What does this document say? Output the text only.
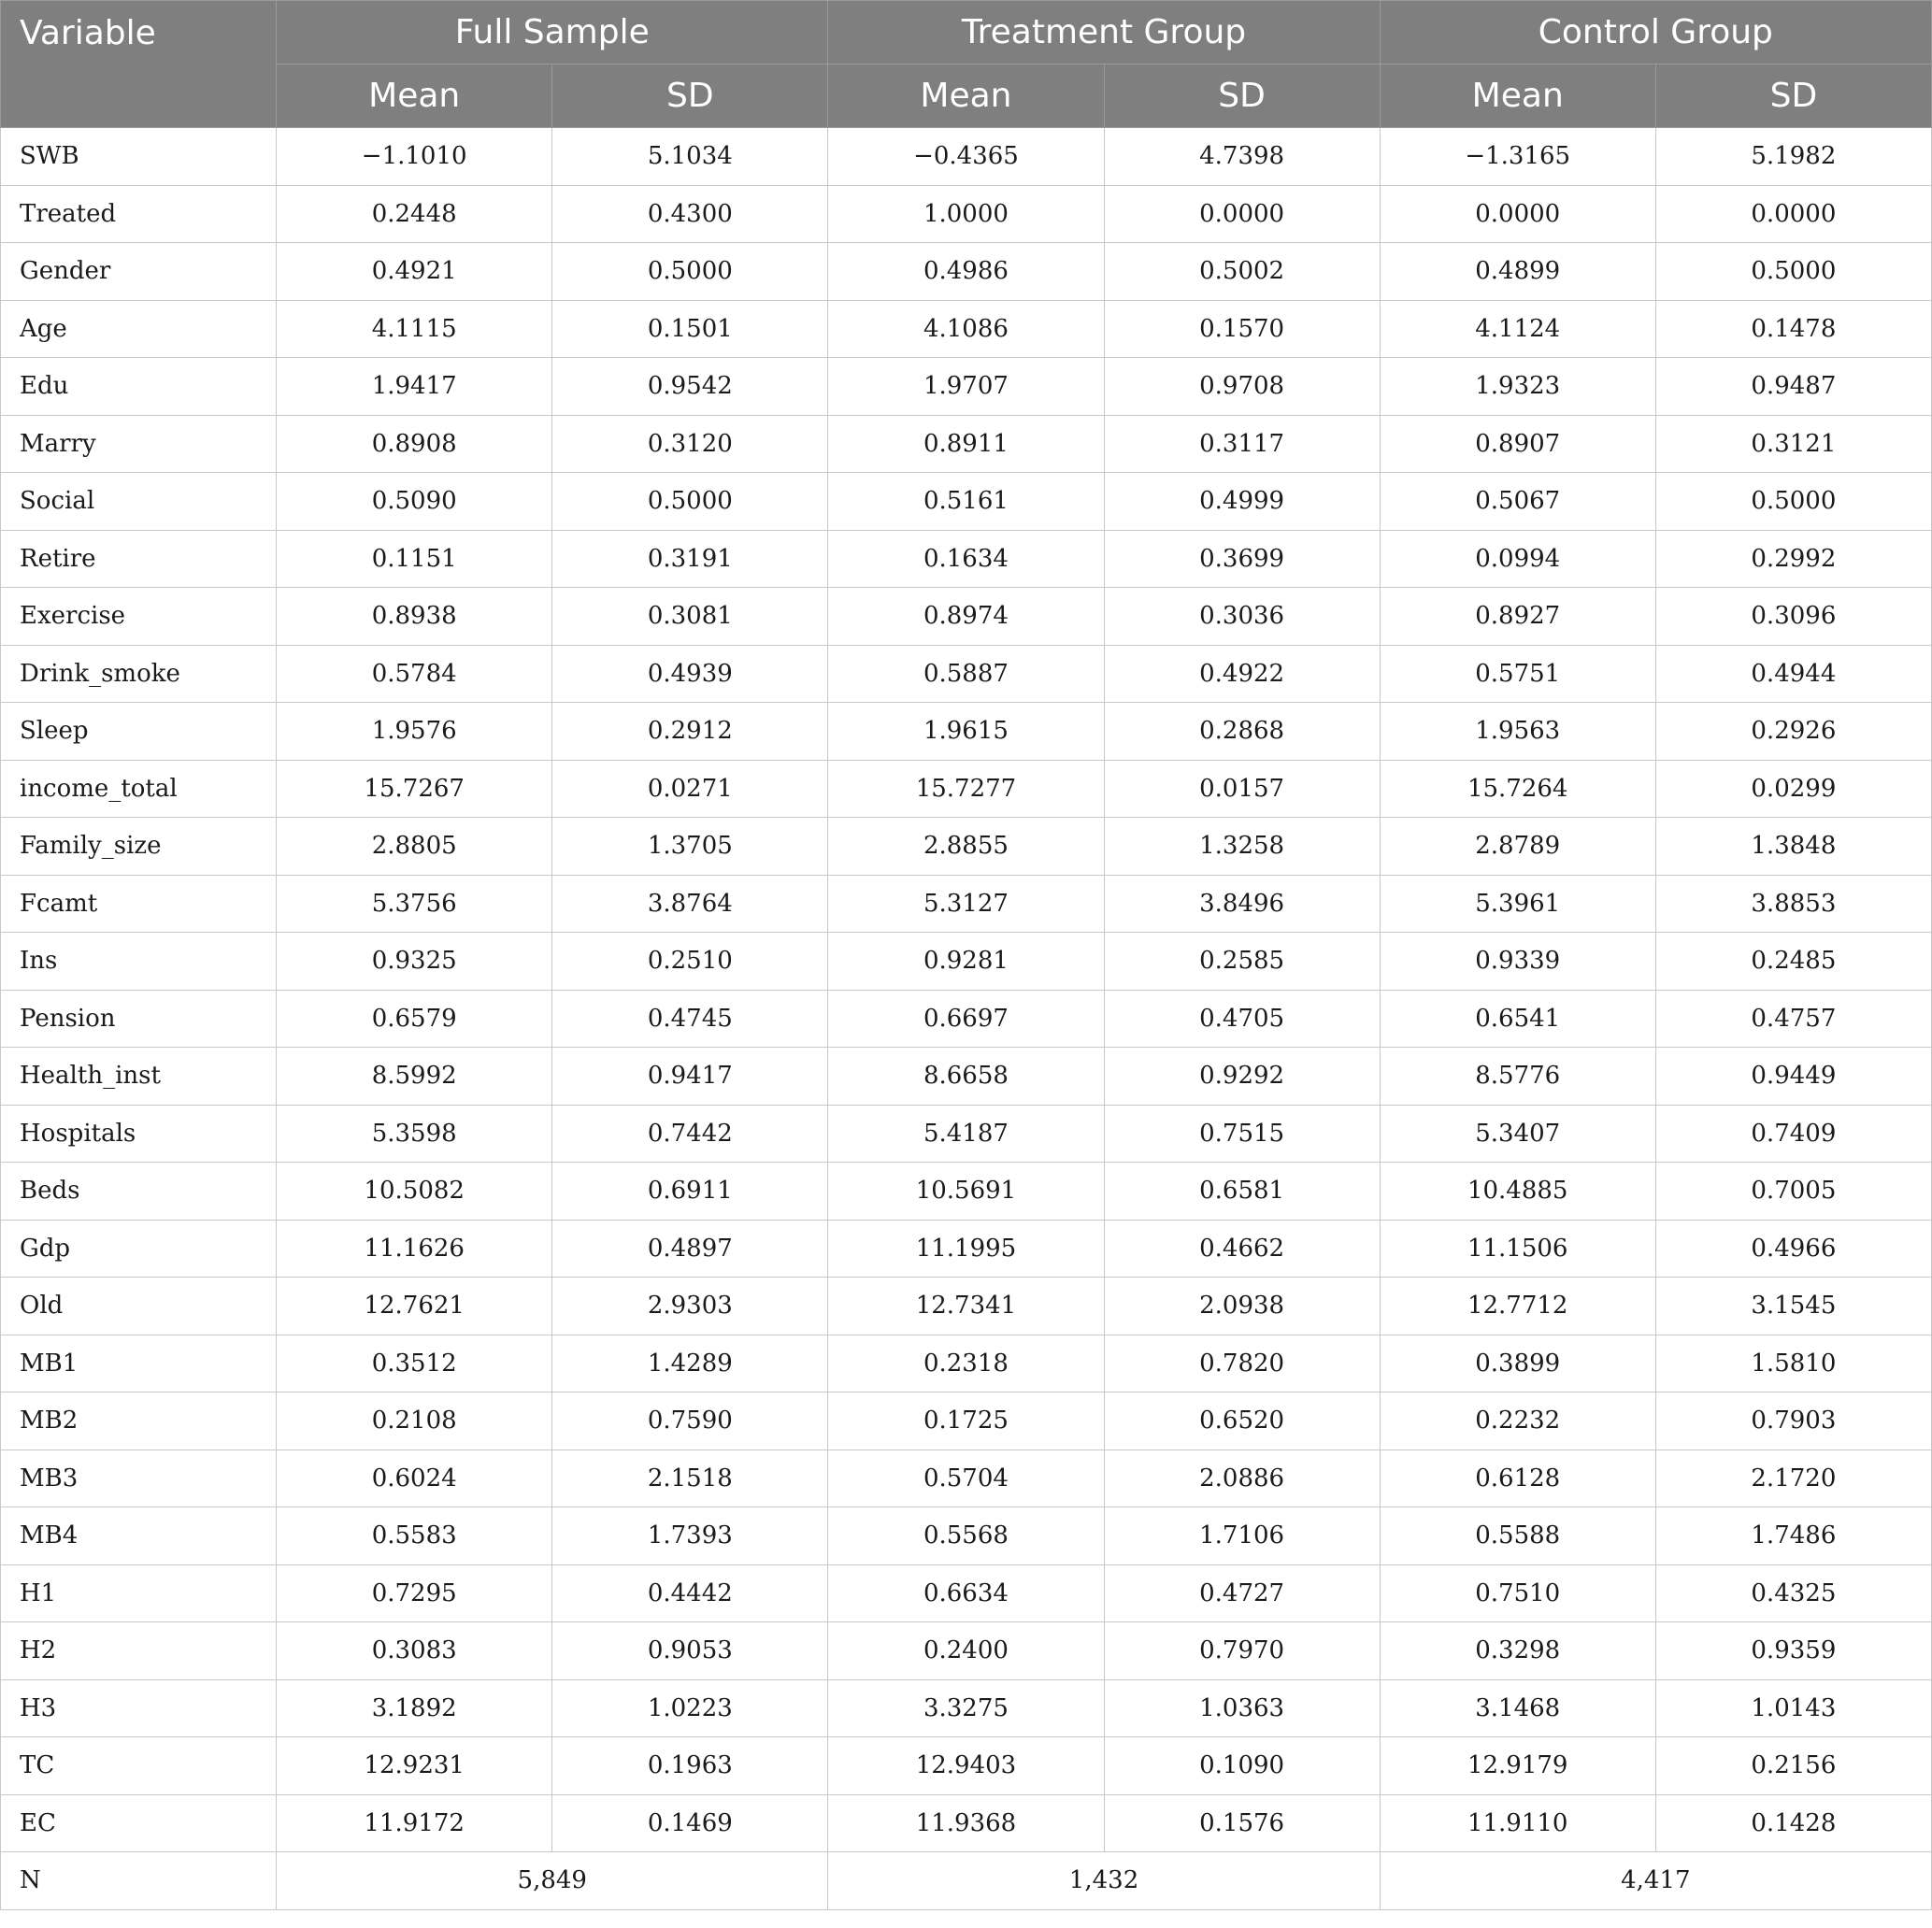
Variable	Full Sample		Treatment Group		Control Group	
	Mean	SD	Mean	SD	Mean	SD
SWB	−1.1010	5.1034	−0.4365	4.7398	−1.3165	5.1982
Treated	0.2448	0.4300	1.0000	0.0000	0.0000	0.0000
Gender	0.4921	0.5000	0.4986	0.5002	0.4899	0.5000
Age	4.1115	0.1501	4.1086	0.1570	4.1124	0.1478
Edu	1.9417	0.9542	1.9707	0.9708	1.9323	0.9487
Marry	0.8908	0.3120	0.8911	0.3117	0.8907	0.3121
Social	0.5090	0.5000	0.5161	0.4999	0.5067	0.5000
Retire	0.1151	0.3191	0.1634	0.3699	0.0994	0.2992
Exercise	0.8938	0.3081	0.8974	0.3036	0.8927	0.3096
Drink_smoke	0.5784	0.4939	0.5887	0.4922	0.5751	0.4944
Sleep	1.9576	0.2912	1.9615	0.2868	1.9563	0.2926
income_total	15.7267	0.0271	15.7277	0.0157	15.7264	0.0299
Family_size	2.8805	1.3705	2.8855	1.3258	2.8789	1.3848
Fcamt	5.3756	3.8764	5.3127	3.8496	5.3961	3.8853
Ins	0.9325	0.2510	0.9281	0.2585	0.9339	0.2485
Pension	0.6579	0.4745	0.6697	0.4705	0.6541	0.4757
Health_inst	8.5992	0.9417	8.6658	0.9292	8.5776	0.9449
Hospitals	5.3598	0.7442	5.4187	0.7515	5.3407	0.7409
Beds	10.5082	0.6911	10.5691	0.6581	10.4885	0.7005
Gdp	11.1626	0.4897	11.1995	0.4662	11.1506	0.4966
Old	12.7621	2.9303	12.7341	2.0938	12.7712	3.1545
MB1	0.3512	1.4289	0.2318	0.7820	0.3899	1.5810
MB2	0.2108	0.7590	0.1725	0.6520	0.2232	0.7903
MB3	0.6024	2.1518	0.5704	2.0886	0.6128	2.1720
MB4	0.5583	1.7393	0.5568	1.7106	0.5588	1.7486
H1	0.7295	0.4442	0.6634	0.4727	0.7510	0.4325
H2	0.3083	0.9053	0.2400	0.7970	0.3298	0.9359
H3	3.1892	1.0223	3.3275	1.0363	3.1468	1.0143
TC	12.9231	0.1963	12.9403	0.1090	12.9179	0.2156
EC	11.9172	0.1469	11.9368	0.1576	11.9110	0.1428
N	5,849		1,432		4,417	
